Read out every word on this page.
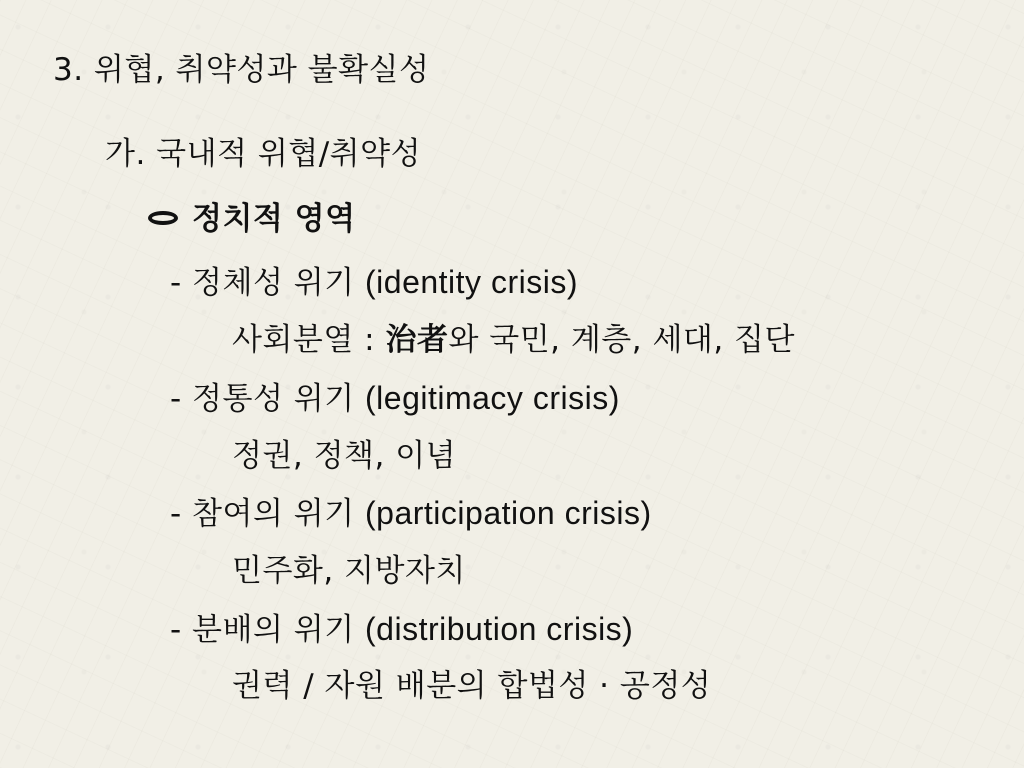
3. 위협, 취약성과 불확실성
가. 국내적 위협/취약성
정치적 영역
- 정체성 위기 (identity crisis)
사회분열 : 治者와 국민, 계층, 세대, 집단
- 정통성 위기 (legitimacy crisis)
정권, 정책, 이념
- 참여의 위기 (participation crisis)
민주화, 지방자치
- 분배의 위기 (distribution crisis)
권력 / 자원 배분의 합법성 · 공정성
